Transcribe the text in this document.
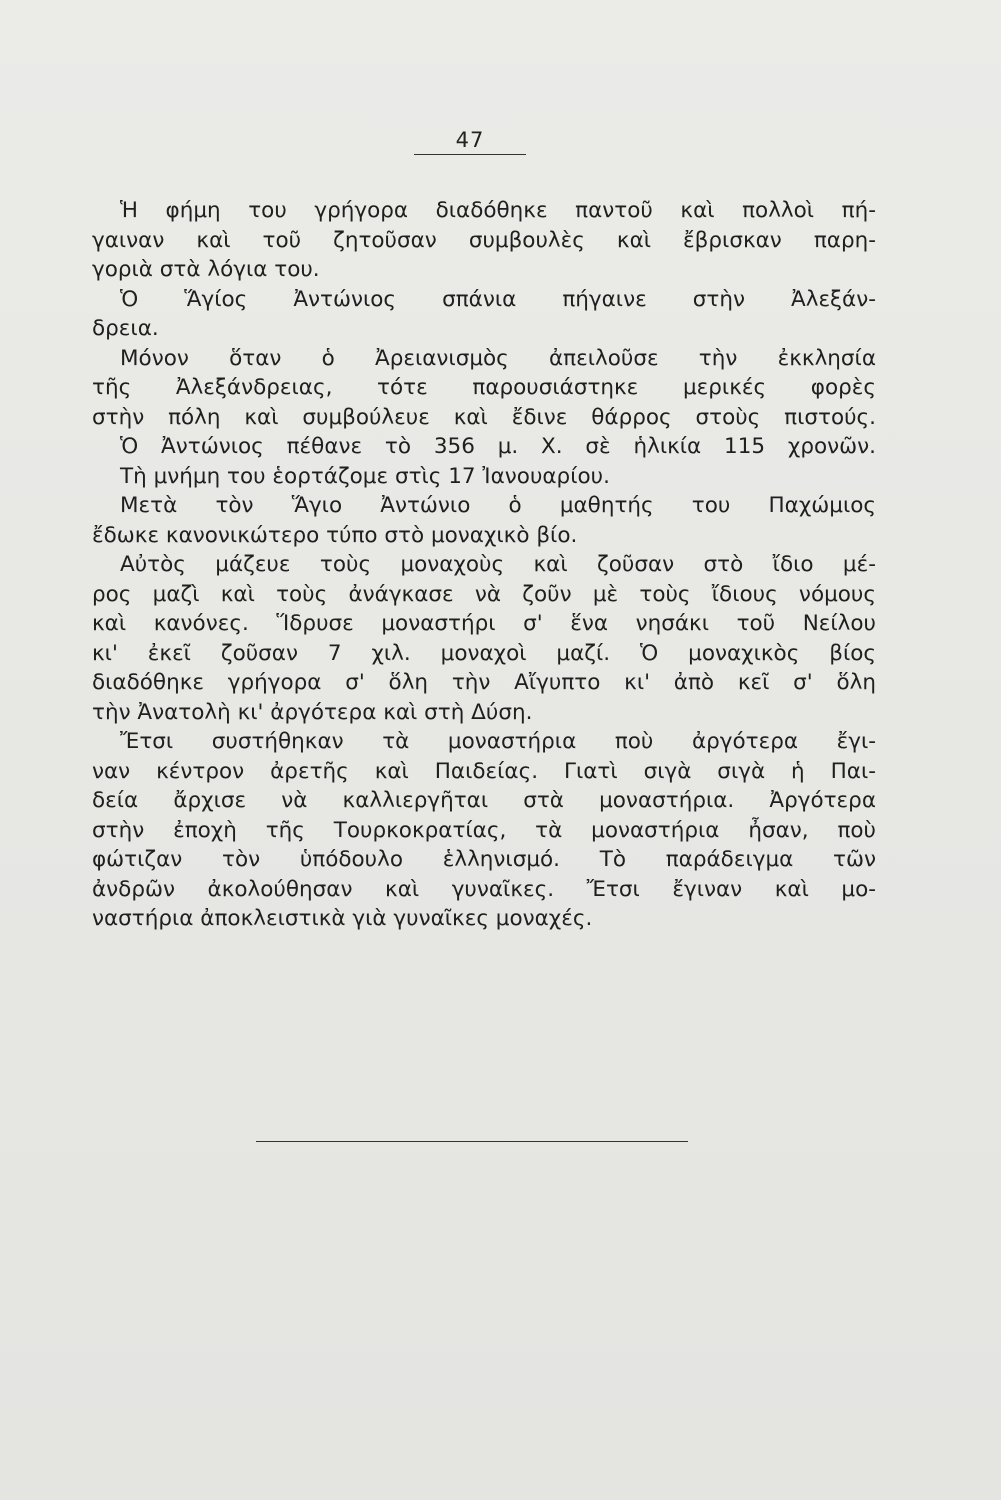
47
Ἡ φήμη του γρήγορα διαδόθηκε παντοῦ καὶ πολλοὶ πή-
γαιναν καὶ τοῦ ζητοῦσαν συμβουλὲς καὶ ἔβρισκαν παρη-
γοριὰ στὰ λόγια του.
Ὁ Ἅγίος Ἀντώνιος σπάνια πήγαινε στὴν Ἀλεξάν-
δρεια.
Μόνον ὅταν ὁ Ἀρειανισμὸς ἀπειλοῦσε τὴν ἐκκλησία
τῆς Ἀλεξάνδρειας, τότε παρουσιάστηκε μερικές φορὲς
στὴν πόλη καὶ συμβούλευε καὶ ἔδινε θάρρος στοὺς πιστούς.
Ὁ Ἀντώνιος πέθανε τὸ 356 μ. Χ. σὲ ἡλικία 115 χρονῶν.
Τὴ μνήμη του ἑορτάζομε στὶς 17 Ἰανουαρίου.
Μετὰ τὸν Ἅγιο Ἀντώνιο ὁ μαθητής του Παχώμιος
ἔδωκε κανονικώτερο τύπο στὸ μοναχικὸ βίο.
Αὐτὸς μάζευε τοὺς μοναχοὺς καὶ ζοῦσαν στὸ ἴδιο μέ-
ρος μαζὶ καὶ τοὺς ἀνάγκασε νὰ ζοῦν μὲ τοὺς ἴδιους νόμους
καὶ κανόνες. Ἵδρυσε μοναστήρι σ' ἕνα νησάκι τοῦ Νείλου
κι' ἐκεῖ ζοῦσαν 7 χιλ. μοναχοὶ μαζί. Ὁ μοναχικὸς βίος
διαδόθηκε γρήγορα σ' ὅλη τὴν Αἴγυπτο κι' ἀπὸ κεῖ σ' ὅλη
τὴν Ἀνατολὴ κι' ἀργότερα καὶ στὴ Δύση.
Ἔτσι συστήθηκαν τὰ μοναστήρια ποὺ ἀργότερα ἔγι-
ναν κέντρον ἀρετῆς καὶ Παιδείας. Γιατὶ σιγὰ σιγὰ ἡ Παι-
δεία ἄρχισε νὰ καλλιεργῆται στὰ μοναστήρια. Ἀργότερα
στὴν ἐποχὴ τῆς Τουρκοκρατίας, τὰ μοναστήρια ἦσαν, ποὺ
φώτιζαν τὸν ὑπόδουλο ἑλληνισμό. Τὸ παράδειγμα τῶν
ἀνδρῶν ἀκολούθησαν καὶ γυναῖκες. Ἔτσι ἔγιναν καὶ μο-
ναστήρια ἀποκλειστικὰ γιὰ γυναῖκες μοναχές.
